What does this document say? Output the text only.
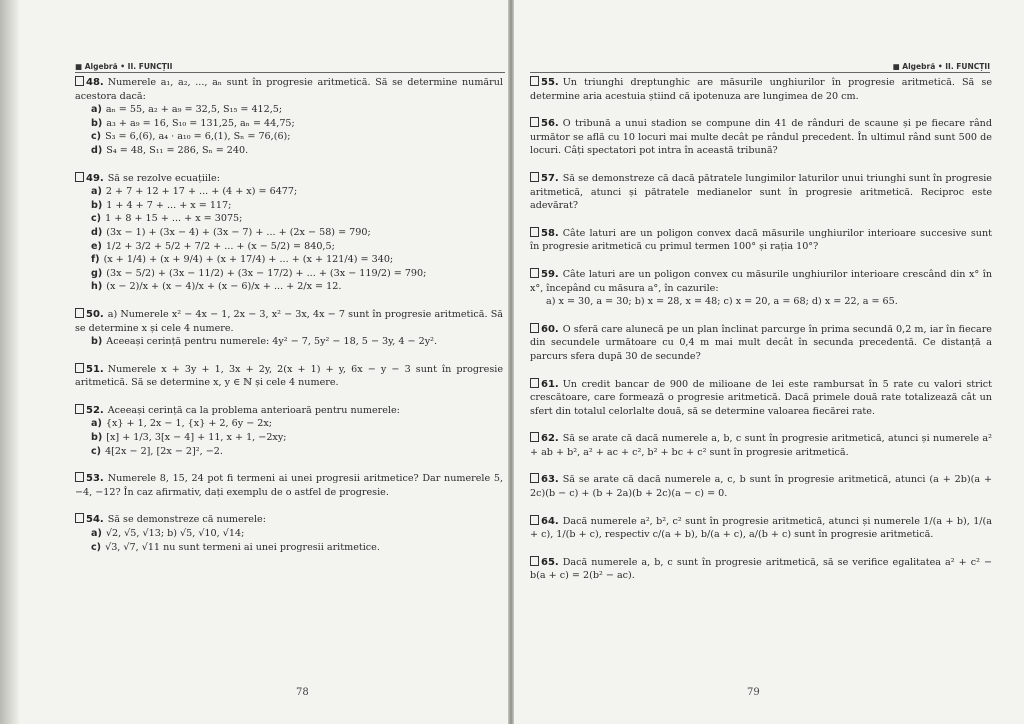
■ Algebră • II. FUNCȚII
48. Numerele a₁, a₂, ..., aₙ sunt în progresie aritmetică. Să se determine numărul acestora dacă:
a) aₙ = 55, a₂ + a₉ = 32,5, S₁₅ = 412,5;
b) a₃ + a₉ = 16, S₁₀ = 131,25, aₙ = 44,75;
c) S₃ = 6,(6), a₄ · a₁₀ = 6,(1), Sₙ = 76,(6);
d) S₄ = 48, S₁₁ = 286, Sₙ = 240.
49. Să se rezolve ecuațiile:
a) 2 + 7 + 12 + 17 + ... + (4 + x) = 6477;
b) 1 + 4 + 7 + ... + x = 117;
c) 1 + 8 + 15 + ... + x = 3075;
d) (3x − 1) + (3x − 4) + (3x − 7) + ... + (2x − 58) = 790;
e) 1/2 + 3/2 + 5/2 + 7/2 + ... + (x − 5/2) = 840,5;
f) (x + 1/4) + (x + 9/4) + (x + 17/4) + ... + (x + 121/4) = 340;
g) (3x − 5/2) + (3x − 11/2) + (3x − 17/2) + ... + (3x − 119/2) = 790;
h) (x − 2)/x + (x − 4)/x + (x − 6)/x + ... + 2/x = 12.
50. a) Numerele x² − 4x − 1, 2x − 3, x² − 3x, 4x − 7 sunt în progresie aritmetică. Să se determine x și cele 4 numere.
b) Aceeași cerință pentru numerele: 4y² − 7, 5y² − 18, 5 − 3y, 4 − 2y².
51. Numerele x + 3y + 1, 3x + 2y, 2(x + 1) + y, 6x − y − 3 sunt în progresie aritmetică. Să se determine x, y ∈ ℕ și cele 4 numere.
52. Aceeași cerință ca la problema anterioară pentru numerele:
a) {x} + 1, 2x − 1, {x} + 2, 6y − 2x;
b) [x] + 1/3, 3[x − 4] + 11, x + 1, −2xy;
c) 4[2x − 2], [2x − 2]², −2.
53. Numerele 8, 15, 24 pot fi termeni ai unei progresii aritmetice? Dar numerele 5, −4, −12? În caz afirmativ, dați exemplu de o astfel de progresie.
54. Să se demonstreze că numerele:
a) √2, √5, √13; b) √5, √10, √14;
c) √3, √7, √11 nu sunt termeni ai unei progresii aritmetice.
78
■ Algebră • II. FUNCȚII
55. Un triunghi dreptunghic are măsurile unghiurilor în progresie aritmetică. Să se determine aria acestuia știind că ipotenuza are lungimea de 20 cm.
56. O tribună a unui stadion se compune din 41 de rânduri de scaune și pe fiecare rând următor se află cu 10 locuri mai multe decât pe rândul precedent. În ultimul rând sunt 500 de locuri. Câți spectatori pot intra în această tribună?
57. Să se demonstreze că dacă pătratele lungimilor laturilor unui triunghi sunt în progresie aritmetică, atunci și pătratele medianelor sunt în progresie aritmetică. Reciproc este adevărat?
58. Câte laturi are un poligon convex dacă măsurile unghiurilor interioare succesive sunt în progresie aritmetică cu primul termen 100° și rația 10°?
59. Câte laturi are un poligon convex cu măsurile unghiurilor interioare crescând din x° în x°, începând cu măsura a°, în cazurile:
a) x = 30, a = 30; b) x = 28, x = 48; c) x = 20, a = 68; d) x = 22, a = 65.
60. O sferă care alunecă pe un plan înclinat parcurge în prima secundă 0,2 m, iar în fiecare din secundele următoare cu 0,4 m mai mult decât în secunda precedentă. Ce distanță a parcurs sfera după 30 de secunde?
61. Un credit bancar de 900 de milioane de lei este rambursat în 5 rate cu valori strict crescătoare, care formează o progresie aritmetică. Dacă primele două rate totalizează cât un sfert din totalul celorlalte două, să se determine valoarea fiecărei rate.
62. Să se arate că dacă numerele a, b, c sunt în progresie aritmetică, atunci și numerele a² + ab + b², a² + ac + c², b² + bc + c² sunt în progresie aritmetică.
63. Să se arate că dacă numerele a, c, b sunt în progresie aritmetică, atunci (a + 2b)(a + 2c)(b − c) + (b + 2a)(b + 2c)(a − c) = 0.
64. Dacă numerele a², b², c² sunt în progresie aritmetică, atunci și numerele 1/(a + b), 1/(a + c), 1/(b + c), respectiv c/(a + b), b/(a + c), a/(b + c) sunt în progresie aritmetică.
65. Dacă numerele a, b, c sunt în progresie aritmetică, să se verifice egalitatea a² + c² − b(a + c) = 2(b² − ac).
79
